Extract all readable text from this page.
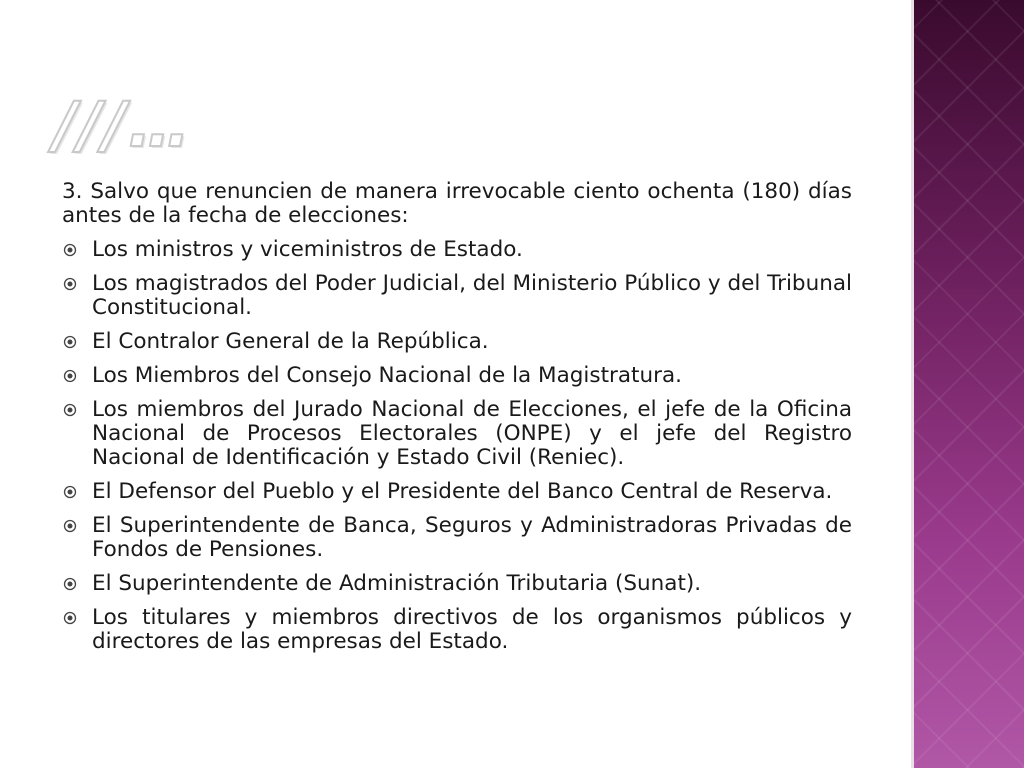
///…

3. Salvo que renuncien de manera irrevocable ciento ochenta (180) días antes de la fecha de elecciones:

Los ministros y viceministros de Estado.
Los magistrados del Poder Judicial, del Ministerio Público y del Tribunal Constitucional.
El Contralor General de la República.
Los Miembros del Consejo Nacional de la Magistratura.
Los miembros del Jurado Nacional de Elecciones, el jefe de la Oficina Nacional de Procesos Electorales (ONPE) y el jefe del Registro Nacional de Identificación y Estado Civil (Reniec).
El Defensor del Pueblo y el Presidente del Banco Central de Reserva.
El Superintendente de Banca, Seguros y Administradoras Privadas de Fondos de Pensiones.
El Superintendente de Administración Tributaria (Sunat).
Los titulares y miembros directivos de los organismos públicos y directores de las empresas del Estado.
